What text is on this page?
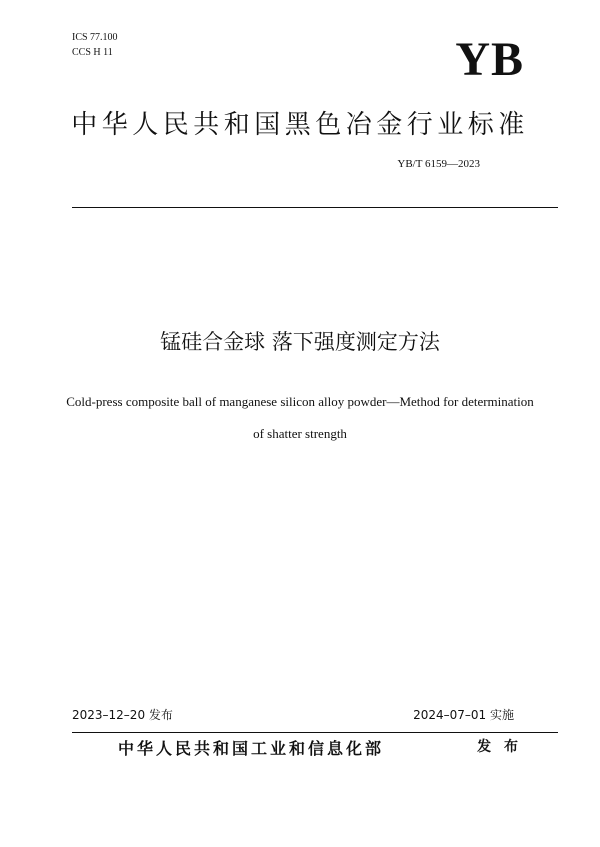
ICS 77.100
CCS H 11	YB
中华人民共和国黑色冶金行业标准
YB/T 6159—2023
锰硅合金球 落下强度测定方法
Cold-press composite ball of manganese silicon alloy powder—Method for determination
of shatter strength
2023–12–20 发布	2024–07–01 实施
中华人民共和国工业和信息化部	发 布
